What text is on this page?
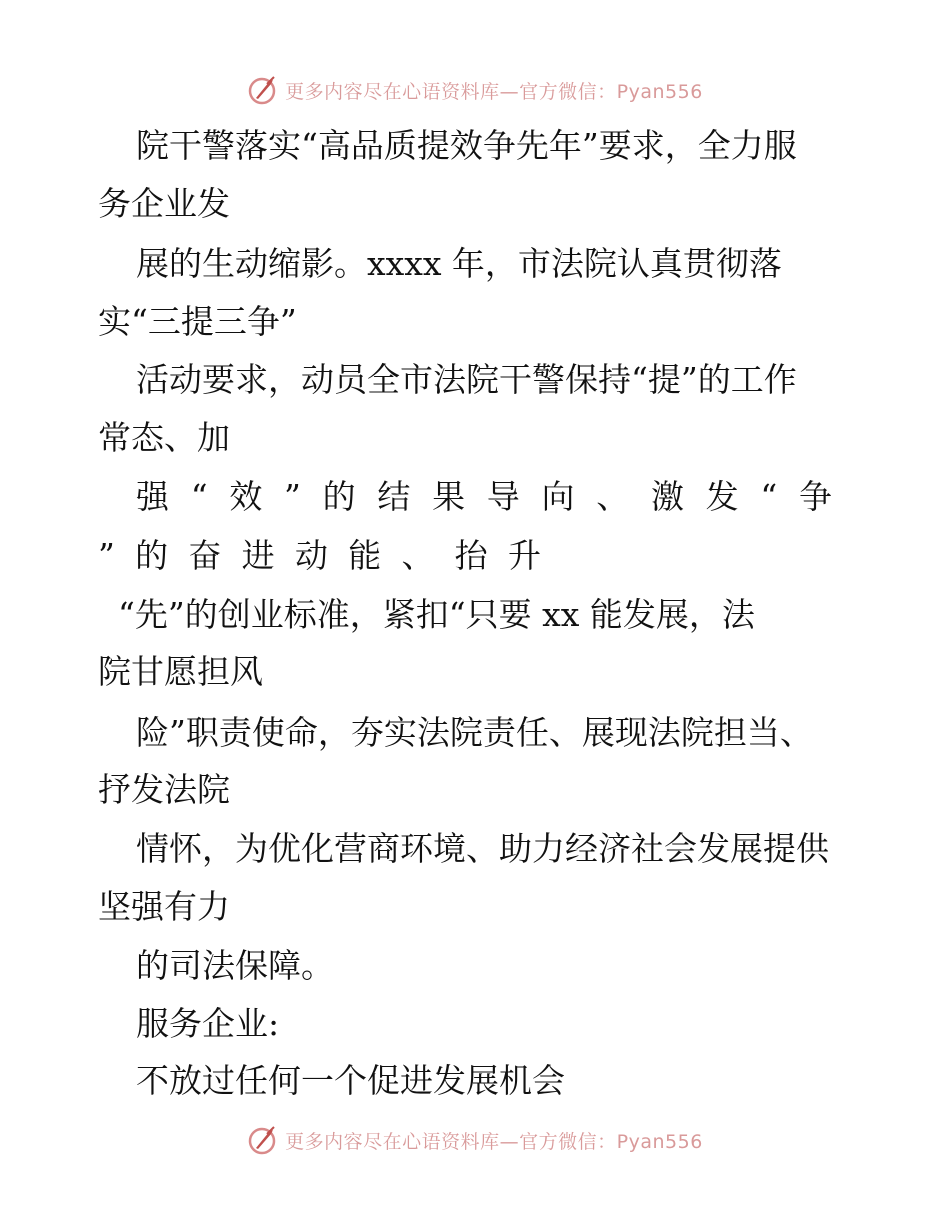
更多内容尽在心语资料库—官方微信：Pyan556
院干警落实“高品质提效争先年”要求，全力服
务企业发
展的生动缩影。xxxx 年，市法院认真贯彻落
实“三提三争”
活动要求，动员全市法院干警保持“提”的工作
常态、加
强 “ 效 ” 的 结 果 导 向 、 激 发 “ 争
” 的 奋 进 动 能 、 抬 升
“先”的创业标准，紧扣“只要 xx 能发展，法
院甘愿担风
险”职责使命，夯实法院责任、展现法院担当、
抒发法院
情怀，为优化营商环境、助力经济社会发展提供
坚强有力
的司法保障。
服务企业:
不放过任何一个促进发展机会
更多内容尽在心语资料库—官方微信：Pyan556
